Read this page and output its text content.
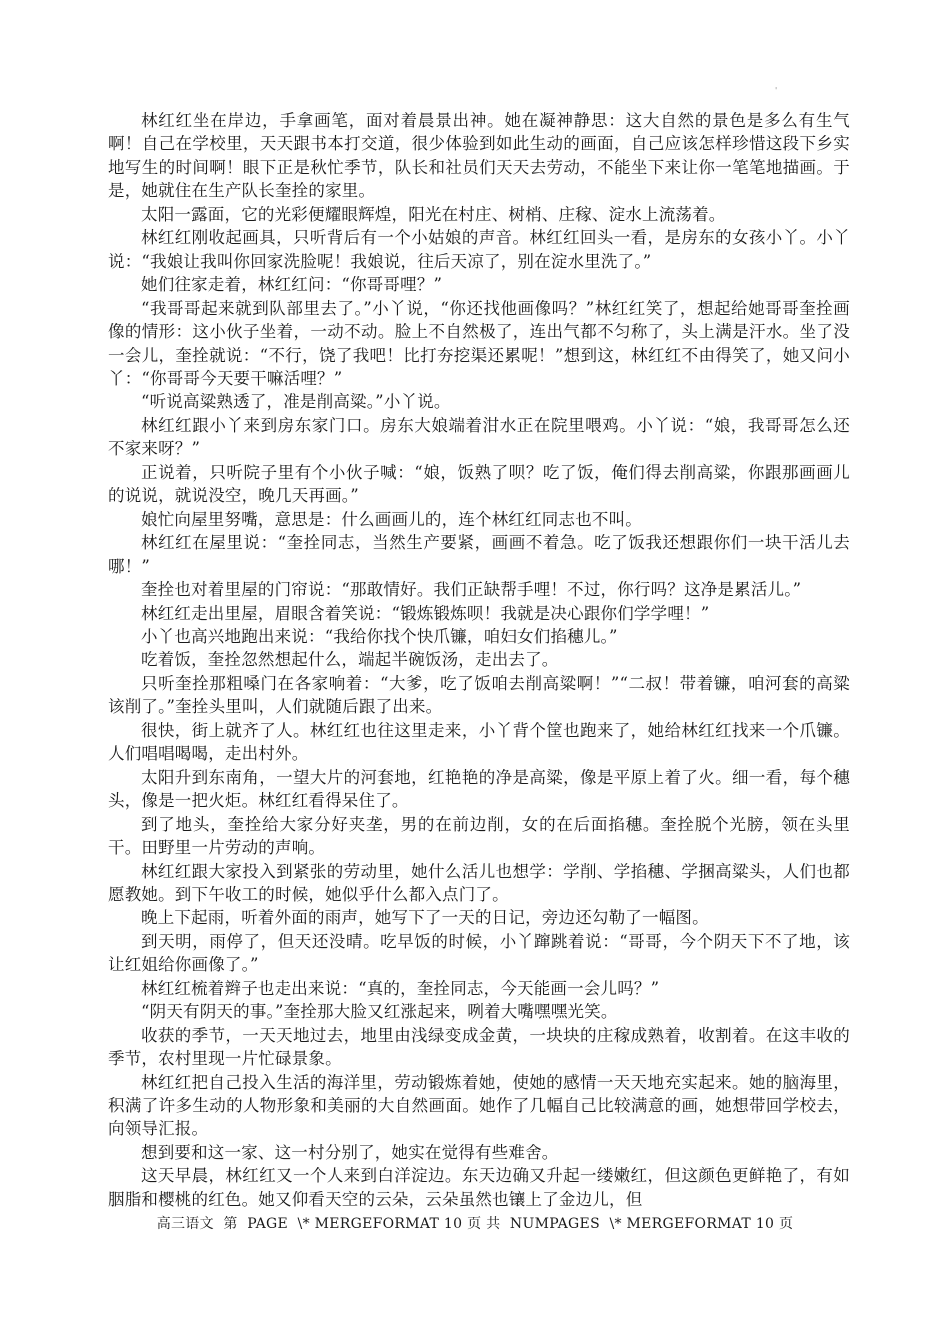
'

林红红坐在岸边，手拿画笔，面对着晨景出神。她在凝神静思：这大自然的景色是多么有生气啊！自己在学校里，天天跟书本打交道，很少体验到如此生动的画面，自己应该怎样珍惜这段下乡实地写生的时间啊！眼下正是秋忙季节，队长和社员们天天去劳动，不能坐下来让你一笔笔地描画。于是，她就住在生产队长奎拴的家里。

太阳一露面，它的光彩便耀眼辉煌，阳光在村庄、树梢、庄稼、淀水上流荡着。

林红红刚收起画具，只听背后有一个小姑娘的声音。林红红回头一看，是房东的女孩小丫。小丫说：“我娘让我叫你回家洗脸呢！我娘说，往后天凉了，别在淀水里洗了。”

她们往家走着，林红红问：“你哥哥哩？”

“我哥哥起来就到队部里去了。”小丫说，“你还找他画像吗？”林红红笑了，想起给她哥哥奎拴画像的情形：这小伙子坐着，一动不动。脸上不自然极了，连出气都不匀称了，头上满是汗水。坐了没一会儿，奎拴就说：“不行，饶了我吧！比打夯挖渠还累呢！”想到这，林红红不由得笑了，她又问小丫：“你哥哥今天要干嘛活哩？”

“听说高粱熟透了，准是削高粱。”小丫说。

林红红跟小丫来到房东家门口。房东大娘端着泔水正在院里喂鸡。小丫说：“娘，我哥哥怎么还不家来呀？”

正说着，只听院子里有个小伙子喊：“娘，饭熟了呗？吃了饭，俺们得去削高粱，你跟那画画儿的说说，就说没空，晚几天再画。”

娘忙向屋里努嘴，意思是：什么画画儿的，连个林红红同志也不叫。

林红红在屋里说：“奎拴同志，当然生产要紧，画画不着急。吃了饭我还想跟你们一块干活儿去哪！”

奎拴也对着里屋的门帘说：“那敢情好。我们正缺帮手哩！不过，你行吗？这净是累活儿。”

林红红走出里屋，眉眼含着笑说：“锻炼锻炼呗！我就是决心跟你们学学哩！”

小丫也高兴地跑出来说：“我给你找个快爪镰，咱妇女们掐穗儿。”

吃着饭，奎拴忽然想起什么，端起半碗饭汤，走出去了。

只听奎拴那粗嗓门在各家响着：“大爹，吃了饭咱去削高粱啊！”“二叔！带着镰，咱河套的高粱该削了。”奎拴头里叫，人们就随后跟了出来。

很快，街上就齐了人。林红红也往这里走来，小丫背个筐也跑来了，她给林红红找来一个爪镰。人们唱唱喝喝，走出村外。

太阳升到东南角，一望大片的河套地，红艳艳的净是高粱，像是平原上着了火。细一看，每个穗头，像是一把火炬。林红红看得呆住了。

到了地头，奎拴给大家分好夹垄，男的在前边削，女的在后面掐穗。奎拴脱个光膀，领在头里干。田野里一片劳动的声响。

林红红跟大家投入到紧张的劳动里，她什么活儿也想学：学削、学掐穗、学捆高粱头，人们也都愿教她。到下午收工的时候，她似乎什么都入点门了。

晚上下起雨，听着外面的雨声，她写下了一天的日记，旁边还勾勒了一幅图。

到天明，雨停了，但天还没晴。吃早饭的时候，小丫蹿跳着说：“哥哥，今个阴天下不了地，该让红姐给你画像了。”

林红红梳着辫子也走出来说：“真的，奎拴同志，今天能画一会儿吗？”

“阴天有阴天的事。”奎拴那大脸又红涨起来，咧着大嘴嘿嘿光笑。

收获的季节，一天天地过去，地里由浅绿变成金黄，一块块的庄稼成熟着，收割着。在这丰收的季节，农村里现一片忙碌景象。

林红红把自己投入生活的海洋里，劳动锻炼着她，使她的感情一天天地充实起来。她的脑海里，积满了许多生动的人物形象和美丽的大自然画面。她作了几幅自己比较满意的画，她想带回学校去，向领导汇报。

想到要和这一家、这一村分别了，她实在觉得有些难舍。

这天早晨，林红红又一个人来到白洋淀边。东天边确又升起一缕嫩红，但这颜色更鲜艳了，有如胭脂和樱桃的红色。她又仰看天空的云朵，云朵虽然也镶上了金边儿，但

高三语文  第  PAGE  \* MERGEFORMAT 10 页 共  NUMPAGES  \* MERGEFORMAT 10 页
